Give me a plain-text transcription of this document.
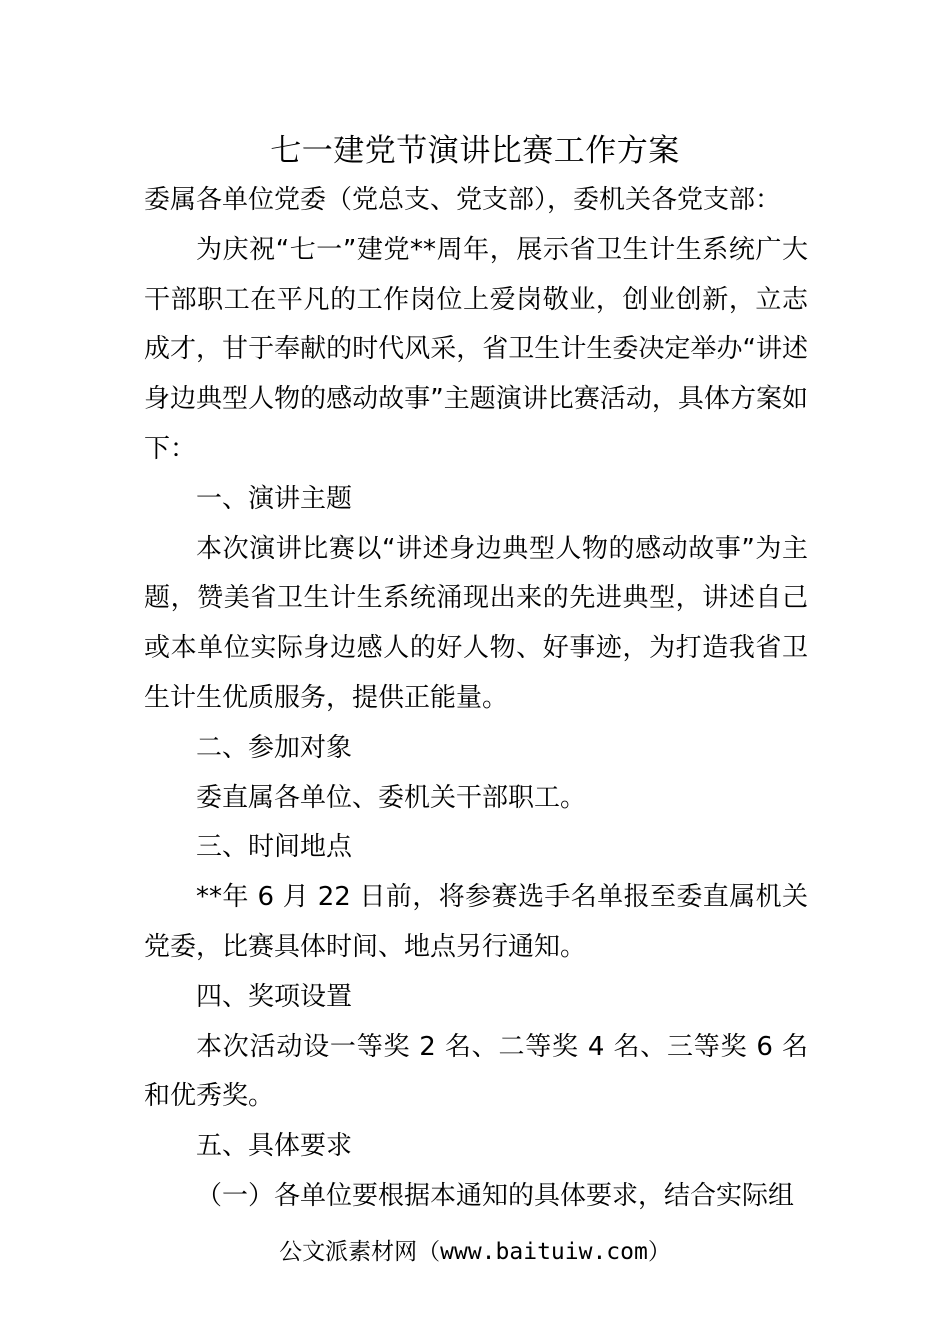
七一建党节演讲比赛工作方案

委属各单位党委（党总支、党支部），委机关各党支部：

为庆祝“七一”建党**周年，展示省卫生计生系统广大干部职工在平凡的工作岗位上爱岗敬业，创业创新，立志成才，甘于奉献的时代风采，省卫生计生委决定举办“讲述身边典型人物的感动故事”主题演讲比赛活动，具体方案如下：

一、演讲主题

本次演讲比赛以“讲述身边典型人物的感动故事”为主题，赞美省卫生计生系统涌现出来的先进典型，讲述自己或本单位实际身边感人的好人物、好事迹，为打造我省卫生计生优质服务，提供正能量。

二、参加对象

委直属各单位、委机关干部职工。

三、时间地点

**年 6 月 22 日前，将参赛选手名单报至委直属机关党委，比赛具体时间、地点另行通知。

四、奖项设置

本次活动设一等奖 2 名、二等奖 4 名、三等奖 6 名和优秀奖。

五、具体要求

（一）各单位要根据本通知的具体要求，结合实际组

公文派素材网（www.baituiw.com）
